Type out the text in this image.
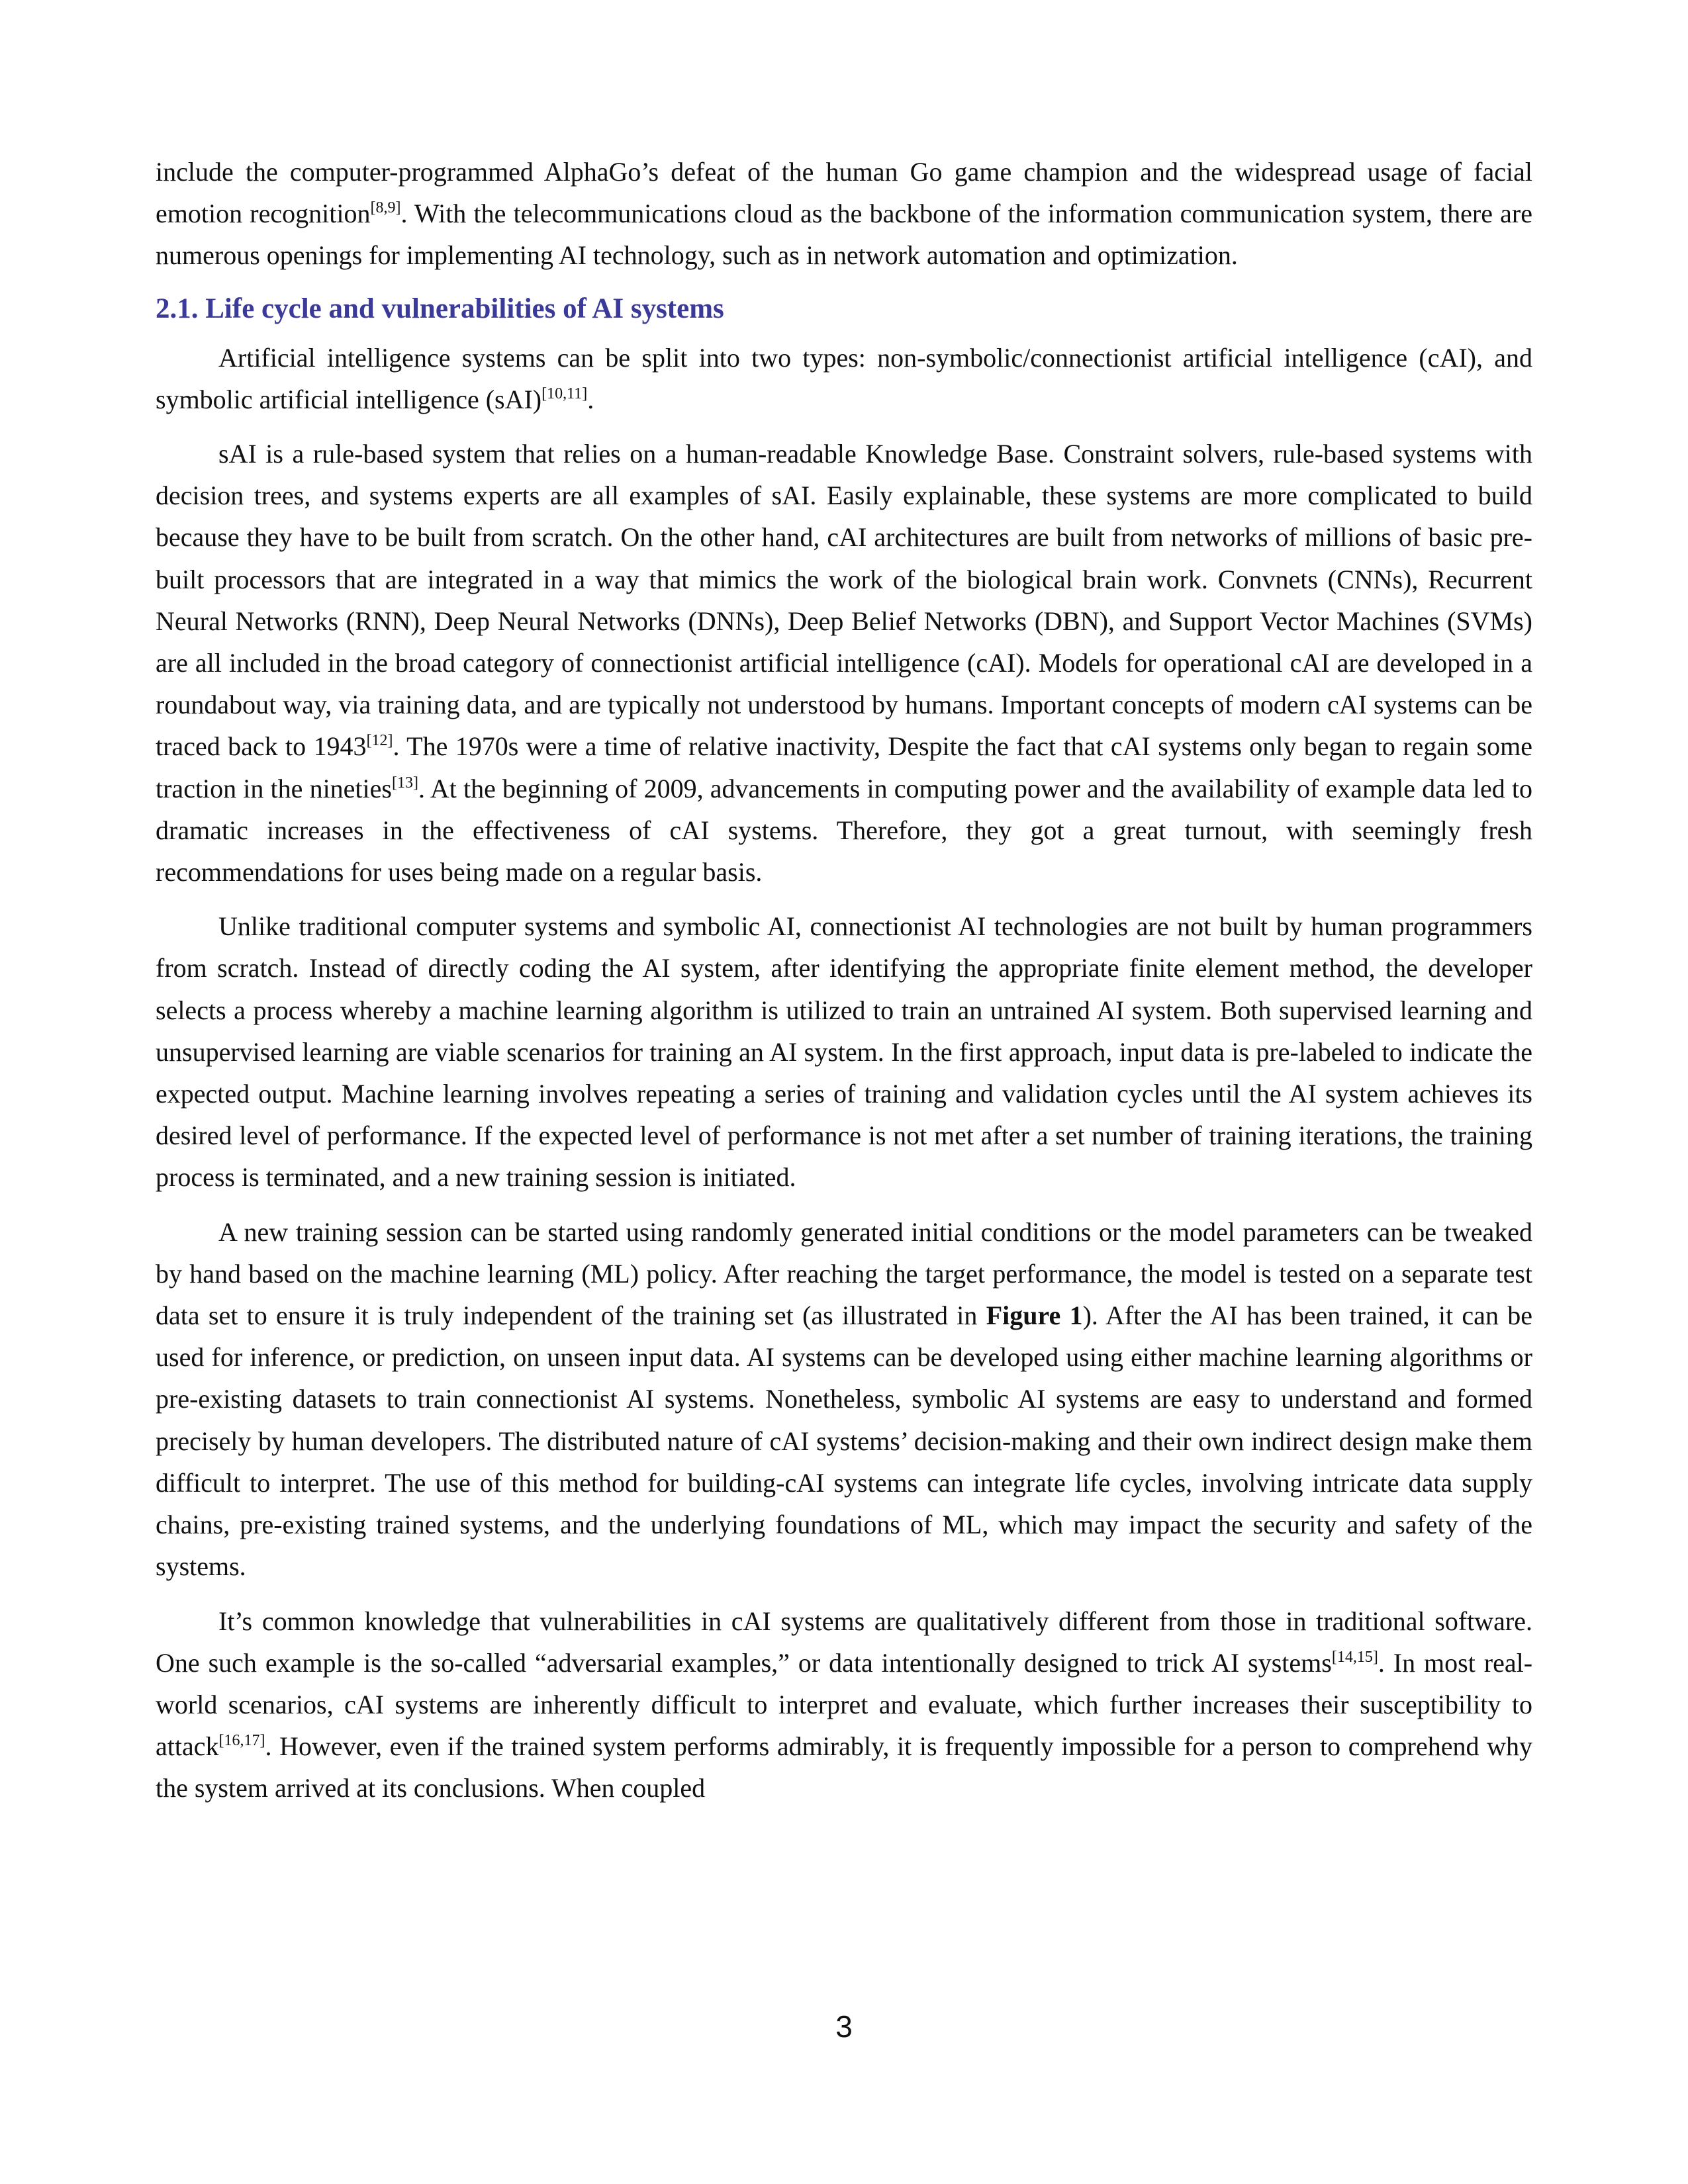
include the computer-programmed AlphaGo’s defeat of the human Go game champion and the widespread usage of facial emotion recognition[8,9]. With the telecommunications cloud as the backbone of the information communication system, there are numerous openings for implementing AI technology, such as in network automation and optimization.

2.1. Life cycle and vulnerabilities of AI systems

Artificial intelligence systems can be split into two types: non-symbolic/connectionist artificial intelligence (cAI), and symbolic artificial intelligence (sAI)[10,11].

sAI is a rule-based system that relies on a human-readable Knowledge Base. Constraint solvers, rule-based systems with decision trees, and systems experts are all examples of sAI. Easily explainable, these systems are more complicated to build because they have to be built from scratch. On the other hand, cAI architectures are built from networks of millions of basic pre-built processors that are integrated in a way that mimics the work of the biological brain work. Convnets (CNNs), Recurrent Neural Networks (RNN), Deep Neural Networks (DNNs), Deep Belief Networks (DBN), and Support Vector Machines (SVMs) are all included in the broad category of connectionist artificial intelligence (cAI). Models for operational cAI are developed in a roundabout way, via training data, and are typically not understood by humans. Important concepts of modern cAI systems can be traced back to 1943[12]. The 1970s were a time of relative inactivity, Despite the fact that cAI systems only began to regain some traction in the nineties[13]. At the beginning of 2009, advancements in computing power and the availability of example data led to dramatic increases in the effectiveness of cAI systems. Therefore, they got a great turnout, with seemingly fresh recommendations for uses being made on a regular basis.

Unlike traditional computer systems and symbolic AI, connectionist AI technologies are not built by human programmers from scratch. Instead of directly coding the AI system, after identifying the appropriate finite element method, the developer selects a process whereby a machine learning algorithm is utilized to train an untrained AI system. Both supervised learning and unsupervised learning are viable scenarios for training an AI system. In the first approach, input data is pre-labeled to indicate the expected output. Machine learning involves repeating a series of training and validation cycles until the AI system achieves its desired level of performance. If the expected level of performance is not met after a set number of training iterations, the training process is terminated, and a new training session is initiated.

A new training session can be started using randomly generated initial conditions or the model parameters can be tweaked by hand based on the machine learning (ML) policy. After reaching the target performance, the model is tested on a separate test data set to ensure it is truly independent of the training set (as illustrated in Figure 1). After the AI has been trained, it can be used for inference, or prediction, on unseen input data. AI systems can be developed using either machine learning algorithms or pre-existing datasets to train connectionist AI systems. Nonetheless, symbolic AI systems are easy to understand and formed precisely by human developers. The distributed nature of cAI systems’ decision-making and their own indirect design make them difficult to interpret. The use of this method for building-cAI systems can integrate life cycles, involving intricate data supply chains, pre-existing trained systems, and the underlying foundations of ML, which may impact the security and safety of the systems.

It’s common knowledge that vulnerabilities in cAI systems are qualitatively different from those in traditional software. One such example is the so-called “adversarial examples,” or data intentionally designed to trick AI systems[14,15]. In most real-world scenarios, cAI systems are inherently difficult to interpret and evaluate, which further increases their susceptibility to attack[16,17]. However, even if the trained system performs admirably, it is frequently impossible for a person to comprehend why the system arrived at its conclusions. When coupled

3
